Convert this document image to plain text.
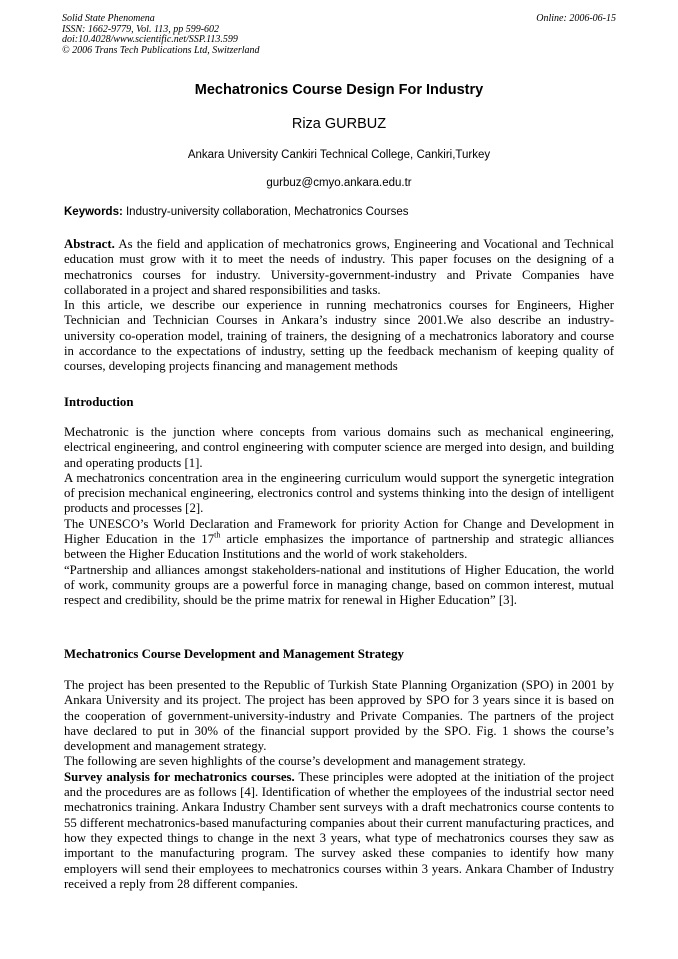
Solid State Phenomena
ISSN: 1662-9779, Vol. 113, pp 599-602
doi:10.4028/www.scientific.net/SSP.113.599
© 2006 Trans Tech Publications Ltd, Switzerland
Online: 2006-06-15
Mechatronics Course Design For Industry
Riza GURBUZ
Ankara University Cankiri Technical College, Cankiri,Turkey
gurbuz@cmyo.ankara.edu.tr
Keywords: Industry-university collaboration, Mechatronics Courses

Abstract. As the field and application of mechatronics grows, Engineering and Vocational and Technical education must grow with it to meet the needs of industry. This paper focuses on the designing of a mechatronics courses for industry. University-government-industry and Private Companies have collaborated in a project and shared responsibilities and tasks.

In this article, we describe our experience in running mechatronics courses for Engineers, Higher Technician and Technician Courses in Ankara’s industry since 2001.We also describe an industry-university co-operation model, training of trainers, the designing of a mechatronics laboratory and course in accordance to the expectations of industry, setting up the feedback mechanism of keeping quality of courses, developing projects financing and management methods

Introduction

Mechatronic is the junction where concepts from various domains such as mechanical engineering, electrical engineering, and control engineering with computer science are merged into design, and building and operating products [1].

A mechatronics concentration area in the engineering curriculum would support the synergetic integration of precision mechanical engineering, electronics control and systems thinking into the design of intelligent products and processes [2].

The UNESCO’s World Declaration and Framework for priority Action for Change and Development in Higher Education in the 17th article emphasizes the importance of partnership and strategic alliances between the Higher Education Institutions and the world of work stakeholders.

“Partnership and alliances amongst stakeholders-national and institutions of Higher Education, the world of work, community groups are a powerful force in managing change, based on common interest, mutual respect and credibility, should be the prime matrix for renewal in Higher Education” [3].

Mechatronics Course Development and Management Strategy

The project has been presented to the Republic of Turkish State Planning Organization (SPO) in 2001 by Ankara University and its project. The project has been approved by SPO for 3 years since it is based on the cooperation of government-university-industry and Private Companies. The partners of the project have declared to put in 30% of the financial support provided by the SPO. Fig. 1 shows the course’s development and management strategy.

The following are seven highlights of the course’s development and management strategy.

Survey analysis for mechatronics courses. These principles were adopted at the initiation of the project and the procedures are as follows [4]. Identification of whether the employees of the industrial sector need mechatronics training. Ankara Industry Chamber sent surveys with a draft mechatronics course contents to 55 different mechatronics-based manufacturing companies about their current manufacturing practices, and how they expected things to change in the next 3 years, what type of mechatronics courses they saw as important to the manufacturing program. The survey asked these companies to identify how many employers will send their employees to mechatronics courses within 3 years. Ankara Chamber of Industry received a reply from 28 different companies.
